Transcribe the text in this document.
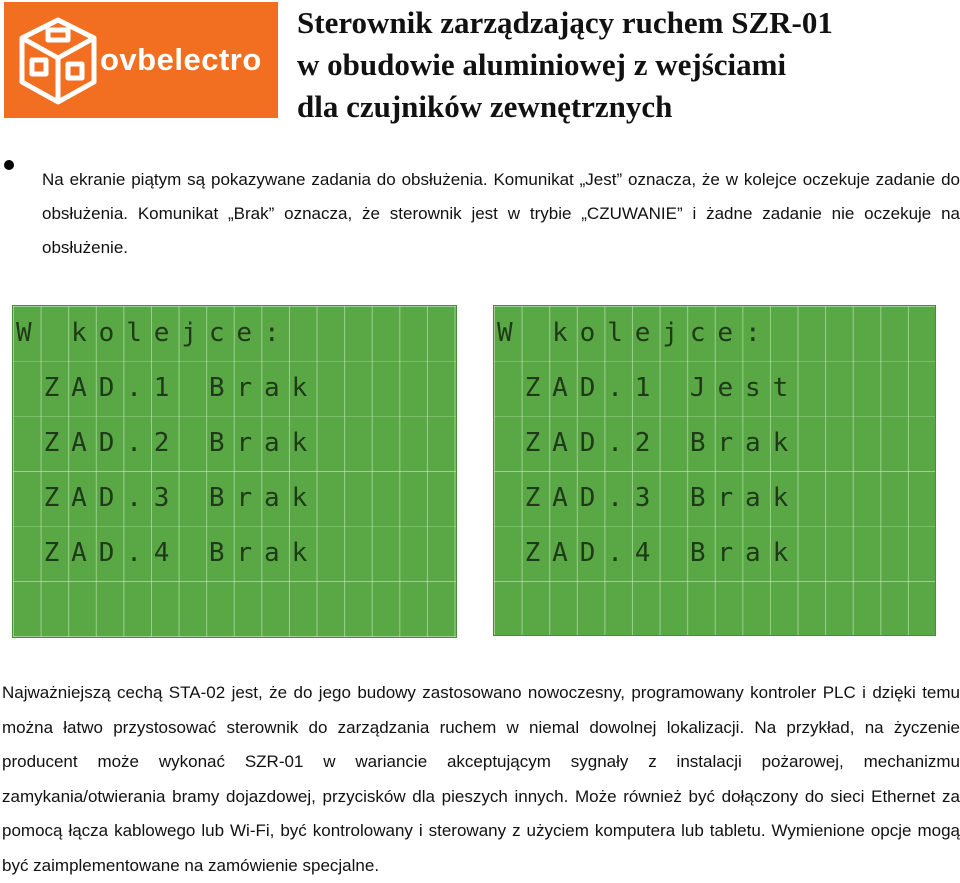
ovbelectro
Sterownik zarządzający ruchem SZR-01
w obudowie aluminiowej z wejściami
dla czujników zewnętrznych

Na ekranie piątym są pokazywane zadania do obsłużenia. Komunikat „Jest” oznacza, że w kolejce oczekuje zadanie do obsłużenia. Komunikat „Brak” oznacza, że sterownik jest w trybie „CZUWANIE” i żadne zadanie nie oczekuje na obsłużenie.

W kolejce:
ZAD.1 Brak
ZAD.2 Brak
ZAD.3 Brak
ZAD.4 Brak
W kolejce:
ZAD.1 Jest
ZAD.2 Brak
ZAD.3 Brak
ZAD.4 Brak

Najważniejszą cechą STA-02 jest, że do jego budowy zastosowano nowoczesny, programowany kontroler PLC i dzięki temu można łatwo przystosować sterownik do zarządzania ruchem w niemal dowolnej lokalizacji. Na przykład, na życzenie producent może wykonać SZR-01 w wariancie akceptującym sygnały z instalacji pożarowej, mechanizmu zamykania/otwierania bramy dojazdowej, przycisków dla pieszych innych. Może również być dołączony do sieci Ethernet za pomocą łącza kablowego lub Wi-Fi, być kontrolowany i sterowany z użyciem komputera lub tabletu. Wymienione opcje mogą być zaimplementowane na zamówienie specjalne.
